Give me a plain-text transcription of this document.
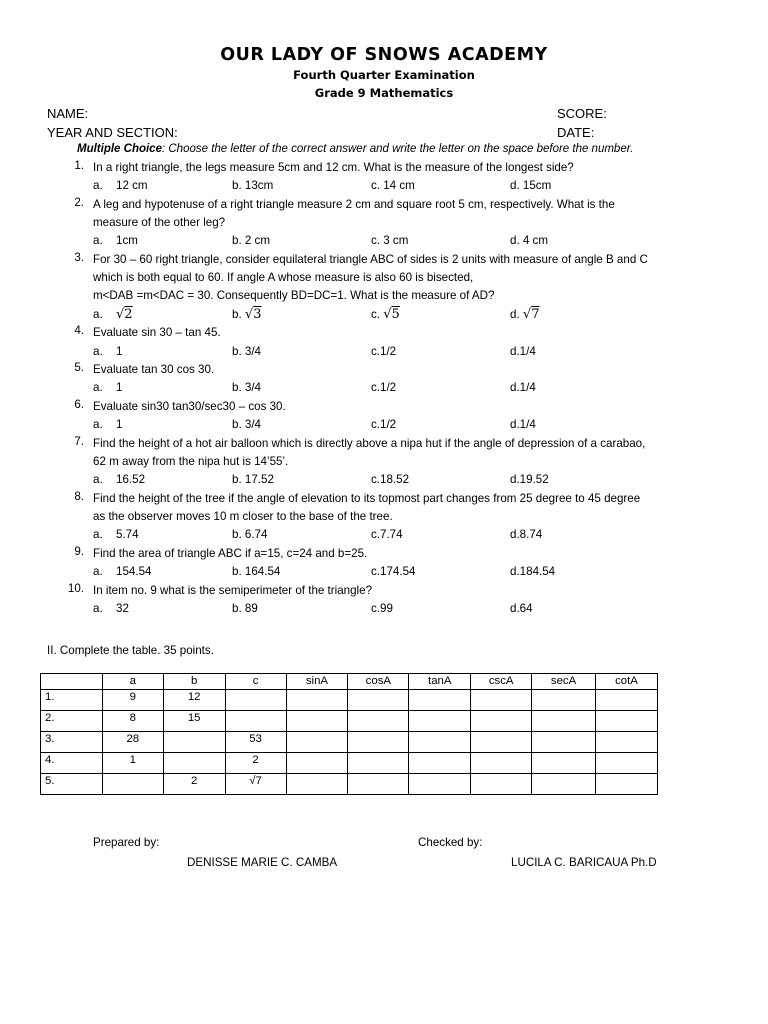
OUR LADY OF SNOWS ACADEMY
Fourth Quarter Examination
Grade 9 Mathematics
NAME:	SCORE:
YEAR AND SECTION:	DATE:
Multiple Choice: Choose the letter of the correct answer and write the letter on the space before the number.
1. In a right triangle, the legs measure 5cm and 12 cm. What is the measure of the longest side?
a. 12 cm	b. 13cm	c. 14 cm	d. 15cm
2. A leg and hypotenuse of a right triangle measure 2 cm and square root 5 cm, respectively. What is the
measure of the other leg?
a. 1cm	b. 2 cm	c. 3 cm	d. 4 cm
3. For 30 – 60 right triangle, consider equilateral triangle ABC of sides is 2 units with measure of angle B and C
which is both equal to 60. If angle A whose measure is also 60 is bisected,
m<DAB =m<DAC = 30. Consequently BD=DC=1. What is the measure of AD?
a. √2	b. √3	c. √5	d. √7
4. Evaluate sin 30 – tan 45.
a. 1	b. 3/4	c.1/2	d.1/4
5. Evaluate tan 30 cos 30.
a. 1	b. 3/4	c.1/2	d.1/4
6. Evaluate sin30 tan30/sec30 – cos 30.
a. 1	b. 3/4	c.1/2	d.1/4
7. Find the height of a hot air balloon which is directly above a nipa hut if the angle of depression of a carabao,
62 m away from the nipa hut is 14’55’.
a. 16.52	b. 17.52	c.18.52	d.19.52
8. Find the height of the tree if the angle of elevation to its topmost part changes from 25 degree to 45 degree
as the observer moves 10 m closer to the base of the tree.
a. 5.74	b. 6.74	c.7.74	d.8.74
9. Find the area of triangle ABC if a=15, c=24 and b=25.
a. 154.54	b. 164.54	c.174.54	d.184.54
10. In item no. 9 what is the semiperimeter of the triangle?
a. 32	b. 89	c.99	d.64
II. Complete the table. 35 points.
	a	b	c	sinA	cosA	tanA	cscA	secA	cotA
1.	9	12							
2.	8	15							
3.	28		53						
4.	1		2						
5.		2	√7						
Prepared by:
DENISSE MARIE C. CAMBA
Checked by:
LUCILA C. BARICAUA Ph.D
